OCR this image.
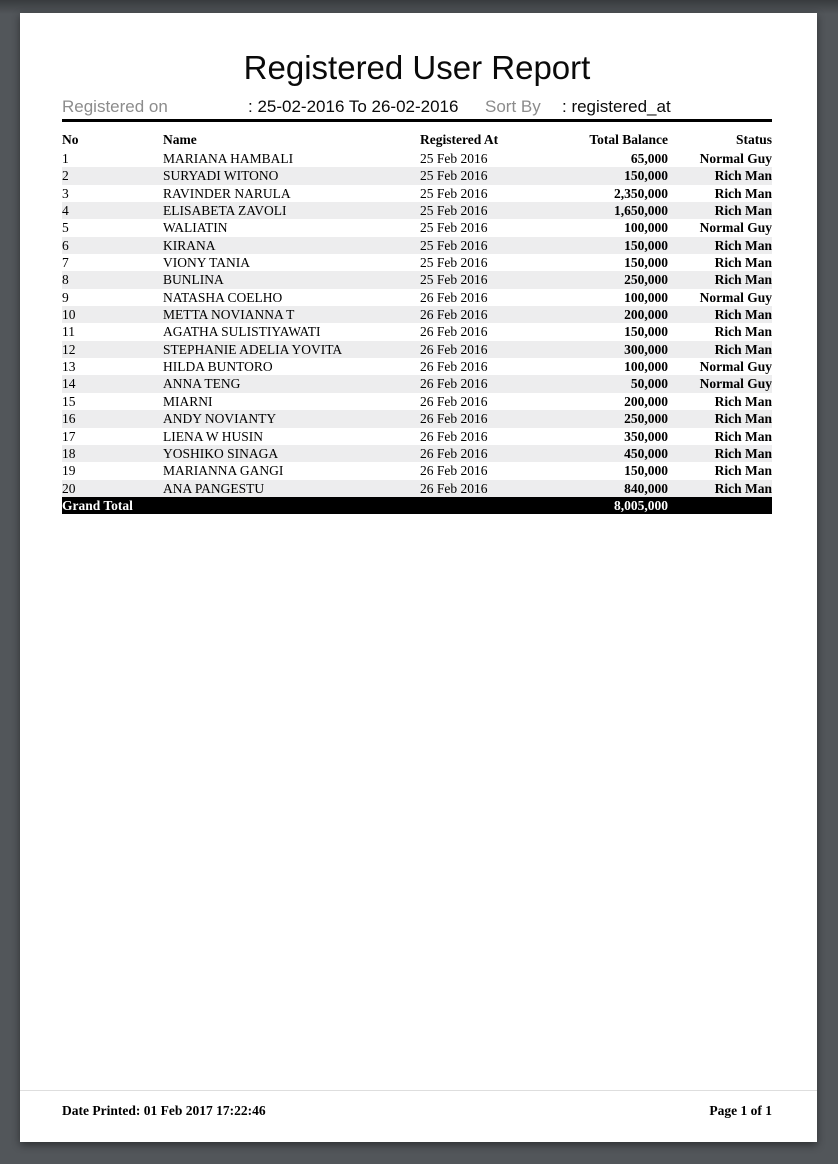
Registered User Report
Registered on	: 25-02-2016 To 26-02-2016	Sort By	: registered_at
No	Name	Registered At	Total Balance	Status
1	MARIANA HAMBALI	25 Feb 2016	65,000	Normal Guy
2	SURYADI WITONO	25 Feb 2016	150,000	Rich Man
3	RAVINDER NARULA	25 Feb 2016	2,350,000	Rich Man
4	ELISABETA ZAVOLI	25 Feb 2016	1,650,000	Rich Man
5	WALIATIN	25 Feb 2016	100,000	Normal Guy
6	KIRANA	25 Feb 2016	150,000	Rich Man
7	VIONY TANIA	25 Feb 2016	150,000	Rich Man
8	BUNLINA	25 Feb 2016	250,000	Rich Man
9	NATASHA COELHO	26 Feb 2016	100,000	Normal Guy
10	METTA NOVIANNA T	26 Feb 2016	200,000	Rich Man
11	AGATHA SULISTIYAWATI	26 Feb 2016	150,000	Rich Man
12	STEPHANIE ADELIA YOVITA	26 Feb 2016	300,000	Rich Man
13	HILDA BUNTORO	26 Feb 2016	100,000	Normal Guy
14	ANNA TENG	26 Feb 2016	50,000	Normal Guy
15	MIARNI	26 Feb 2016	200,000	Rich Man
16	ANDY NOVIANTY	26 Feb 2016	250,000	Rich Man
17	LIENA W HUSIN	26 Feb 2016	350,000	Rich Man
18	YOSHIKO SINAGA	26 Feb 2016	450,000	Rich Man
19	MARIANNA GANGI	26 Feb 2016	150,000	Rich Man
20	ANA PANGESTU	26 Feb 2016	840,000	Rich Man
Grand Total			8,005,000	
Date Printed: 01 Feb 2017 17:22:46	Page 1 of 1
